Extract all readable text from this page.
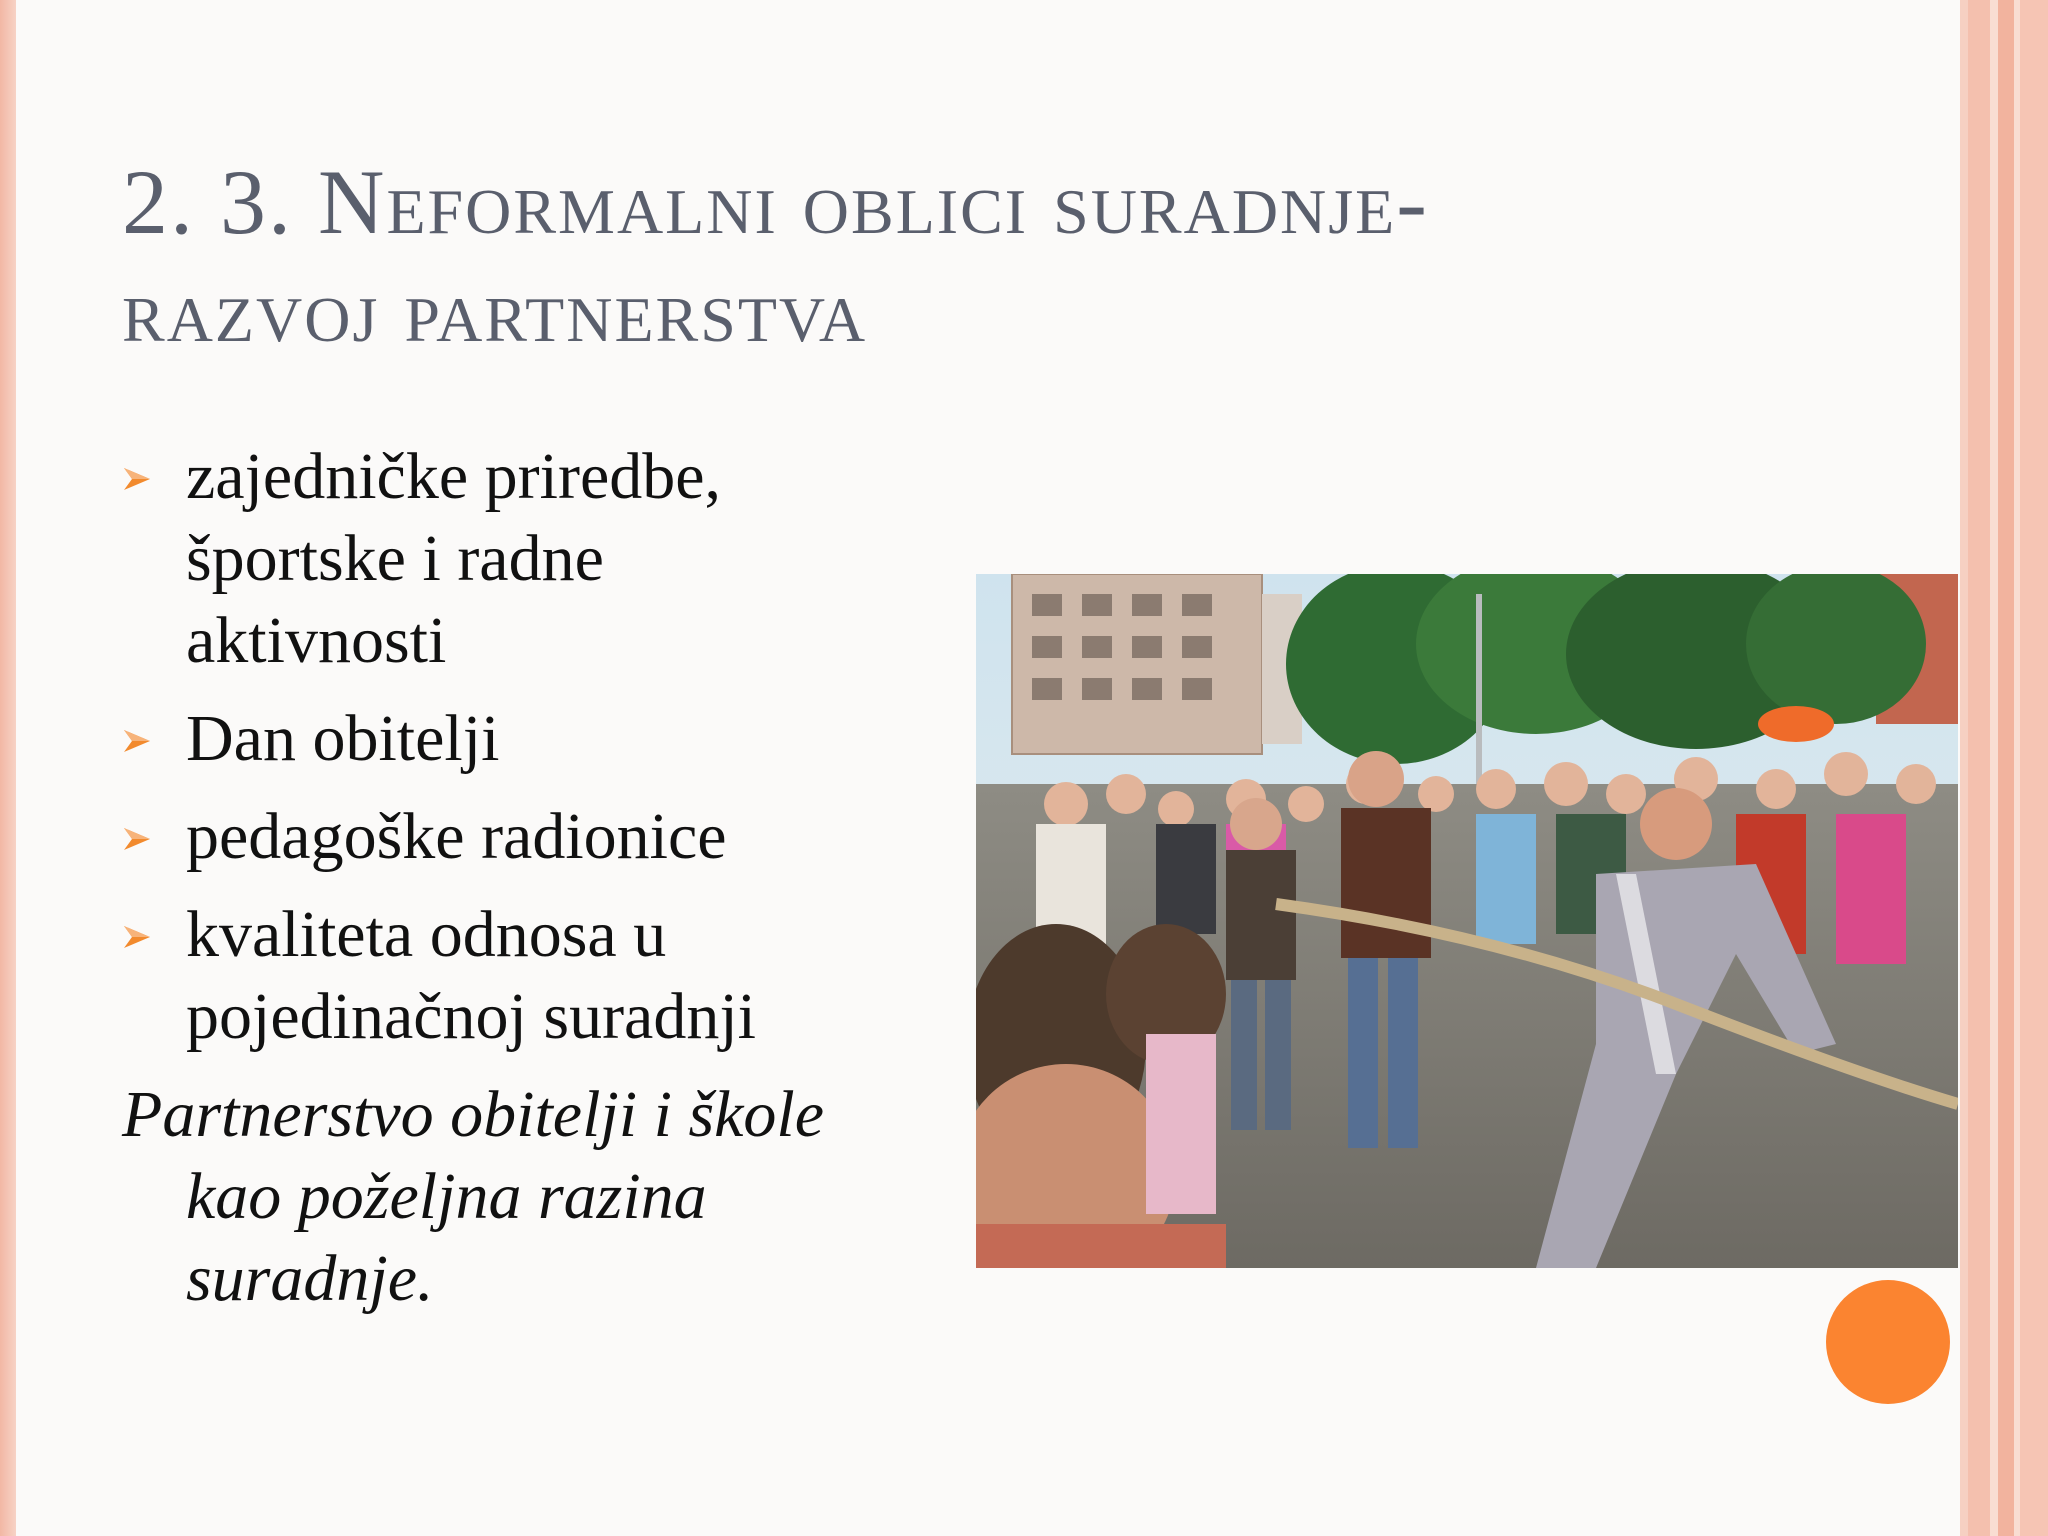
2. 3. Neformalni oblici suradnje-
razvoj partnerstva
zajedničke priredbe,
športske i radne
aktivnosti
Dan obitelji
pedagoške radionice
kvaliteta odnosa u
pojedinačnoj suradnji

Partnerstvo obitelji i škole
kao poželjna razina
suradnje.
